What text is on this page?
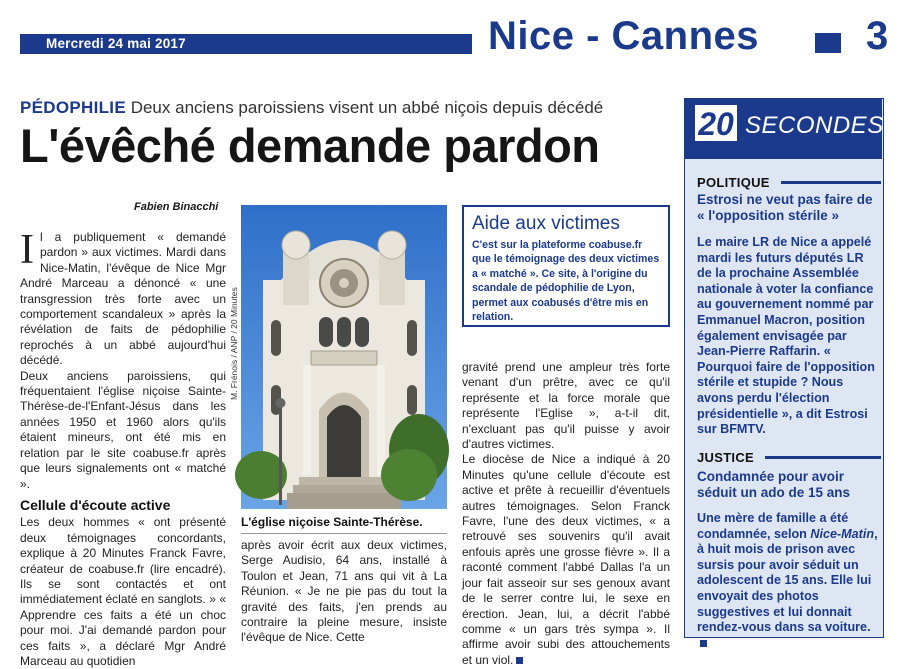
Mercredi 24 mai 2017	Nice - Cannes	3
PÉDOPHILIE Deux anciens paroissiens visent un abbé niçois depuis décédé
L'évêché demande pardon
Fabien Binacchi

Il a publiquement « demandé pardon » aux victimes. Mardi dans Nice-Matin, l'évêque de Nice Mgr André Marceau a dénoncé « une transgression très forte avec un comportement scandaleux » après la révélation de faits de pédophilie reprochés à un abbé aujourd'hui décédé.

Deux anciens paroissiens, qui fréquentaient l'église niçoise Sainte-Thérèse-de-l'Enfant-Jésus dans les années 1950 et 1960 alors qu'ils étaient mineurs, ont été mis en relation par le site coabuse.fr après que leurs signalements ont « matché ».

Cellule d'écoute active

Les deux hommes « ont présenté deux témoignages concordants, explique à 20 Minutes Franck Favre, créateur de coabuse.fr (lire encadré). Ils se sont contactés et ont immédiatement éclaté en sanglots. » « Apprendre ces faits a été un choc pour moi. J'ai demandé pardon pour ces faits », a déclaré Mgr André Marceau au quotidien

M. Frénois / ANP / 20 Minutes
L'église niçoise Sainte-Thérèse.

après avoir écrit aux deux victimes, Serge Audisio, 64 ans, installé à Toulon et Jean, 71 ans qui vit à La Réunion. « Je ne pie pas du tout la gravité des faits, j'en prends au contraire la pleine mesure, insiste l'évêque de Nice. Cette

Aide aux victimes
C'est sur la plateforme coabuse.fr que le témoignage des deux victimes a « matché ». Ce site, à l'origine du scandale de pédophilie de Lyon, permet aux coabusés d'être mis en relation.

gravité prend une ampleur très forte venant d'un prêtre, avec ce qu'il représente et la force morale que représente l'Eglise », a-t-il dit, n'excluant pas qu'il puisse y avoir d'autres victimes.

Le diocèse de Nice a indiqué à 20 Minutes qu'une cellule d'écoute est active et prête à recueillir d'éventuels autres témoignages. Selon Franck Favre, l'une des deux victimes, « a retrouvé ses souvenirs qu'il avait enfouis après une grosse fièvre ». Il a raconté comment l'abbé Dallas l'a un jour fait asseoir sur ses genoux avant de le serrer contre lui, le sexe en érection. Jean, lui, a décrit l'abbé comme « un gars très sympa ». Il affirme avoir subi des attouchements et un viol.

20 SECONDES
POLITIQUE
Estrosi ne veut pas faire de « l'opposition stérile »
Le maire LR de Nice a appelé mardi les futurs députés LR de la prochaine Assemblée nationale à voter la confiance au gouvernement nommé par Emmanuel Macron, position également envisagée par Jean-Pierre Raffarin. « Pourquoi faire de l'opposition stérile et stupide ? Nous avons perdu l'élection présidentielle », a dit Estrosi sur BFMTV.
JUSTICE
Condamnée pour avoir séduit un ado de 15 ans
Une mère de famille a été condamnée, selon Nice-Matin, à huit mois de prison avec sursis pour avoir séduit un adolescent de 15 ans. Elle lui envoyait des photos suggestives et lui donnait rendez-vous dans sa voiture.
